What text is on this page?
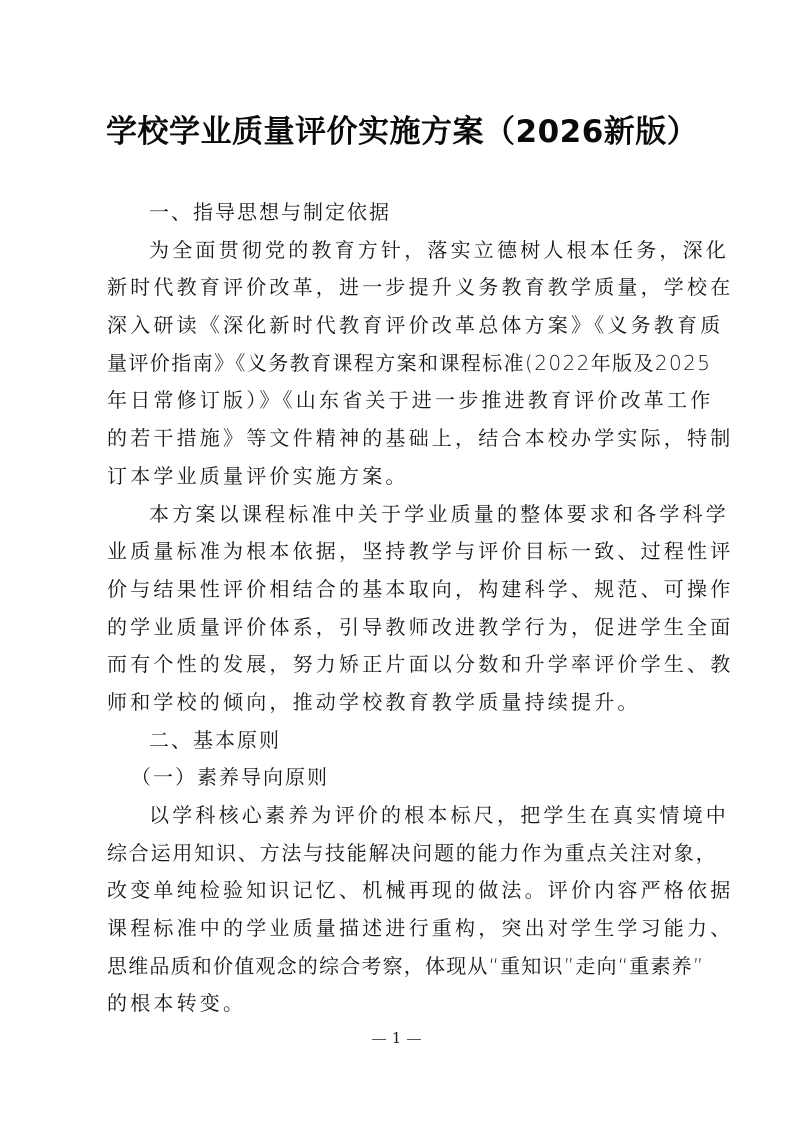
学校学业质量评价实施方案（2026新版）
一、指导思想与制定依据
为全面贯彻党的教育方针，落实立德树人根本任务，深化
新时代教育评价改革，进一步提升义务教育教学质量，学校在
深入研读《深化新时代教育评价改革总体方案》《义务教育质
量评价指南》《义务教育课程方案和课程标准(2022年版及2025
年日常修订版）》《山东省关于进一步推进教育评价改革工作
的若干措施》等文件精神的基础上，结合本校办学实际，特制
订本学业质量评价实施方案。
本方案以课程标准中关于学业质量的整体要求和各学科学
业质量标准为根本依据，坚持教学与评价目标一致、过程性评
价与结果性评价相结合的基本取向，构建科学、规范、可操作
的学业质量评价体系，引导教师改进教学行为，促进学生全面
而有个性的发展，努力矫正片面以分数和升学率评价学生、教
师和学校的倾向，推动学校教育教学质量持续提升。
二、基本原则
（一）素养导向原则
以学科核心素养为评价的根本标尺，把学生在真实情境中
综合运用知识、方法与技能解决问题的能力作为重点关注对象，
改变单纯检验知识记忆、机械再现的做法。评价内容严格依据
课程标准中的学业质量描述进行重构，突出对学生学习能力、
思维品质和价值观念的综合考察，体现从“重知识”走向“重素养”
的根本转变。
1
